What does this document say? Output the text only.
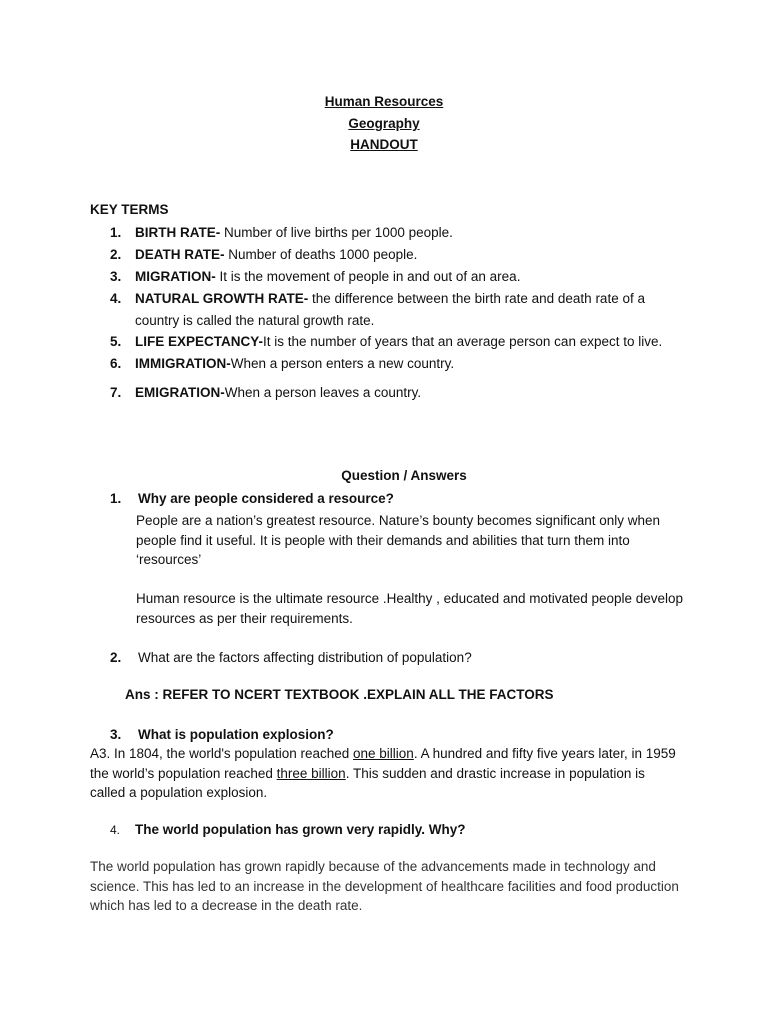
Human Resources
Geography
HANDOUT
KEY TERMS
1. BIRTH RATE- Number of live births per 1000 people.
2. DEATH RATE- Number of deaths 1000 people.
3. MIGRATION- It is the movement of people in and out of an area.
4. NATURAL GROWTH RATE- the difference between the birth rate and death rate of a country is called the natural growth rate.
5. LIFE EXPECTANCY-It is the number of years that an average person can expect to live.
6. IMMIGRATION-When a person enters a new country.
7. EMIGRATION-When a person leaves a country.
Question / Answers
1. Why are people considered a resource?
People are a nation’s greatest resource. Nature’s bounty becomes significant only when people find it useful. It is people with their demands and abilities that turn them into ‘resources’
Human resource is the ultimate resource .Healthy , educated and motivated people develop resources as per their requirements.
2. What are the factors affecting distribution of population?
Ans : REFER TO NCERT TEXTBOOK .EXPLAIN ALL THE FACTORS
3. What is population explosion?
A3. In 1804, the world's population reached one billion. A hundred and fifty five years later, in 1959 the world’s population reached three billion. This sudden and drastic increase in population is called a population explosion.
4. The world population has grown very rapidly. Why?
The world population has grown rapidly because of the advancements made in technology and science. This has led to an increase in the development of healthcare facilities and food production which has led to a decrease in the death rate.
